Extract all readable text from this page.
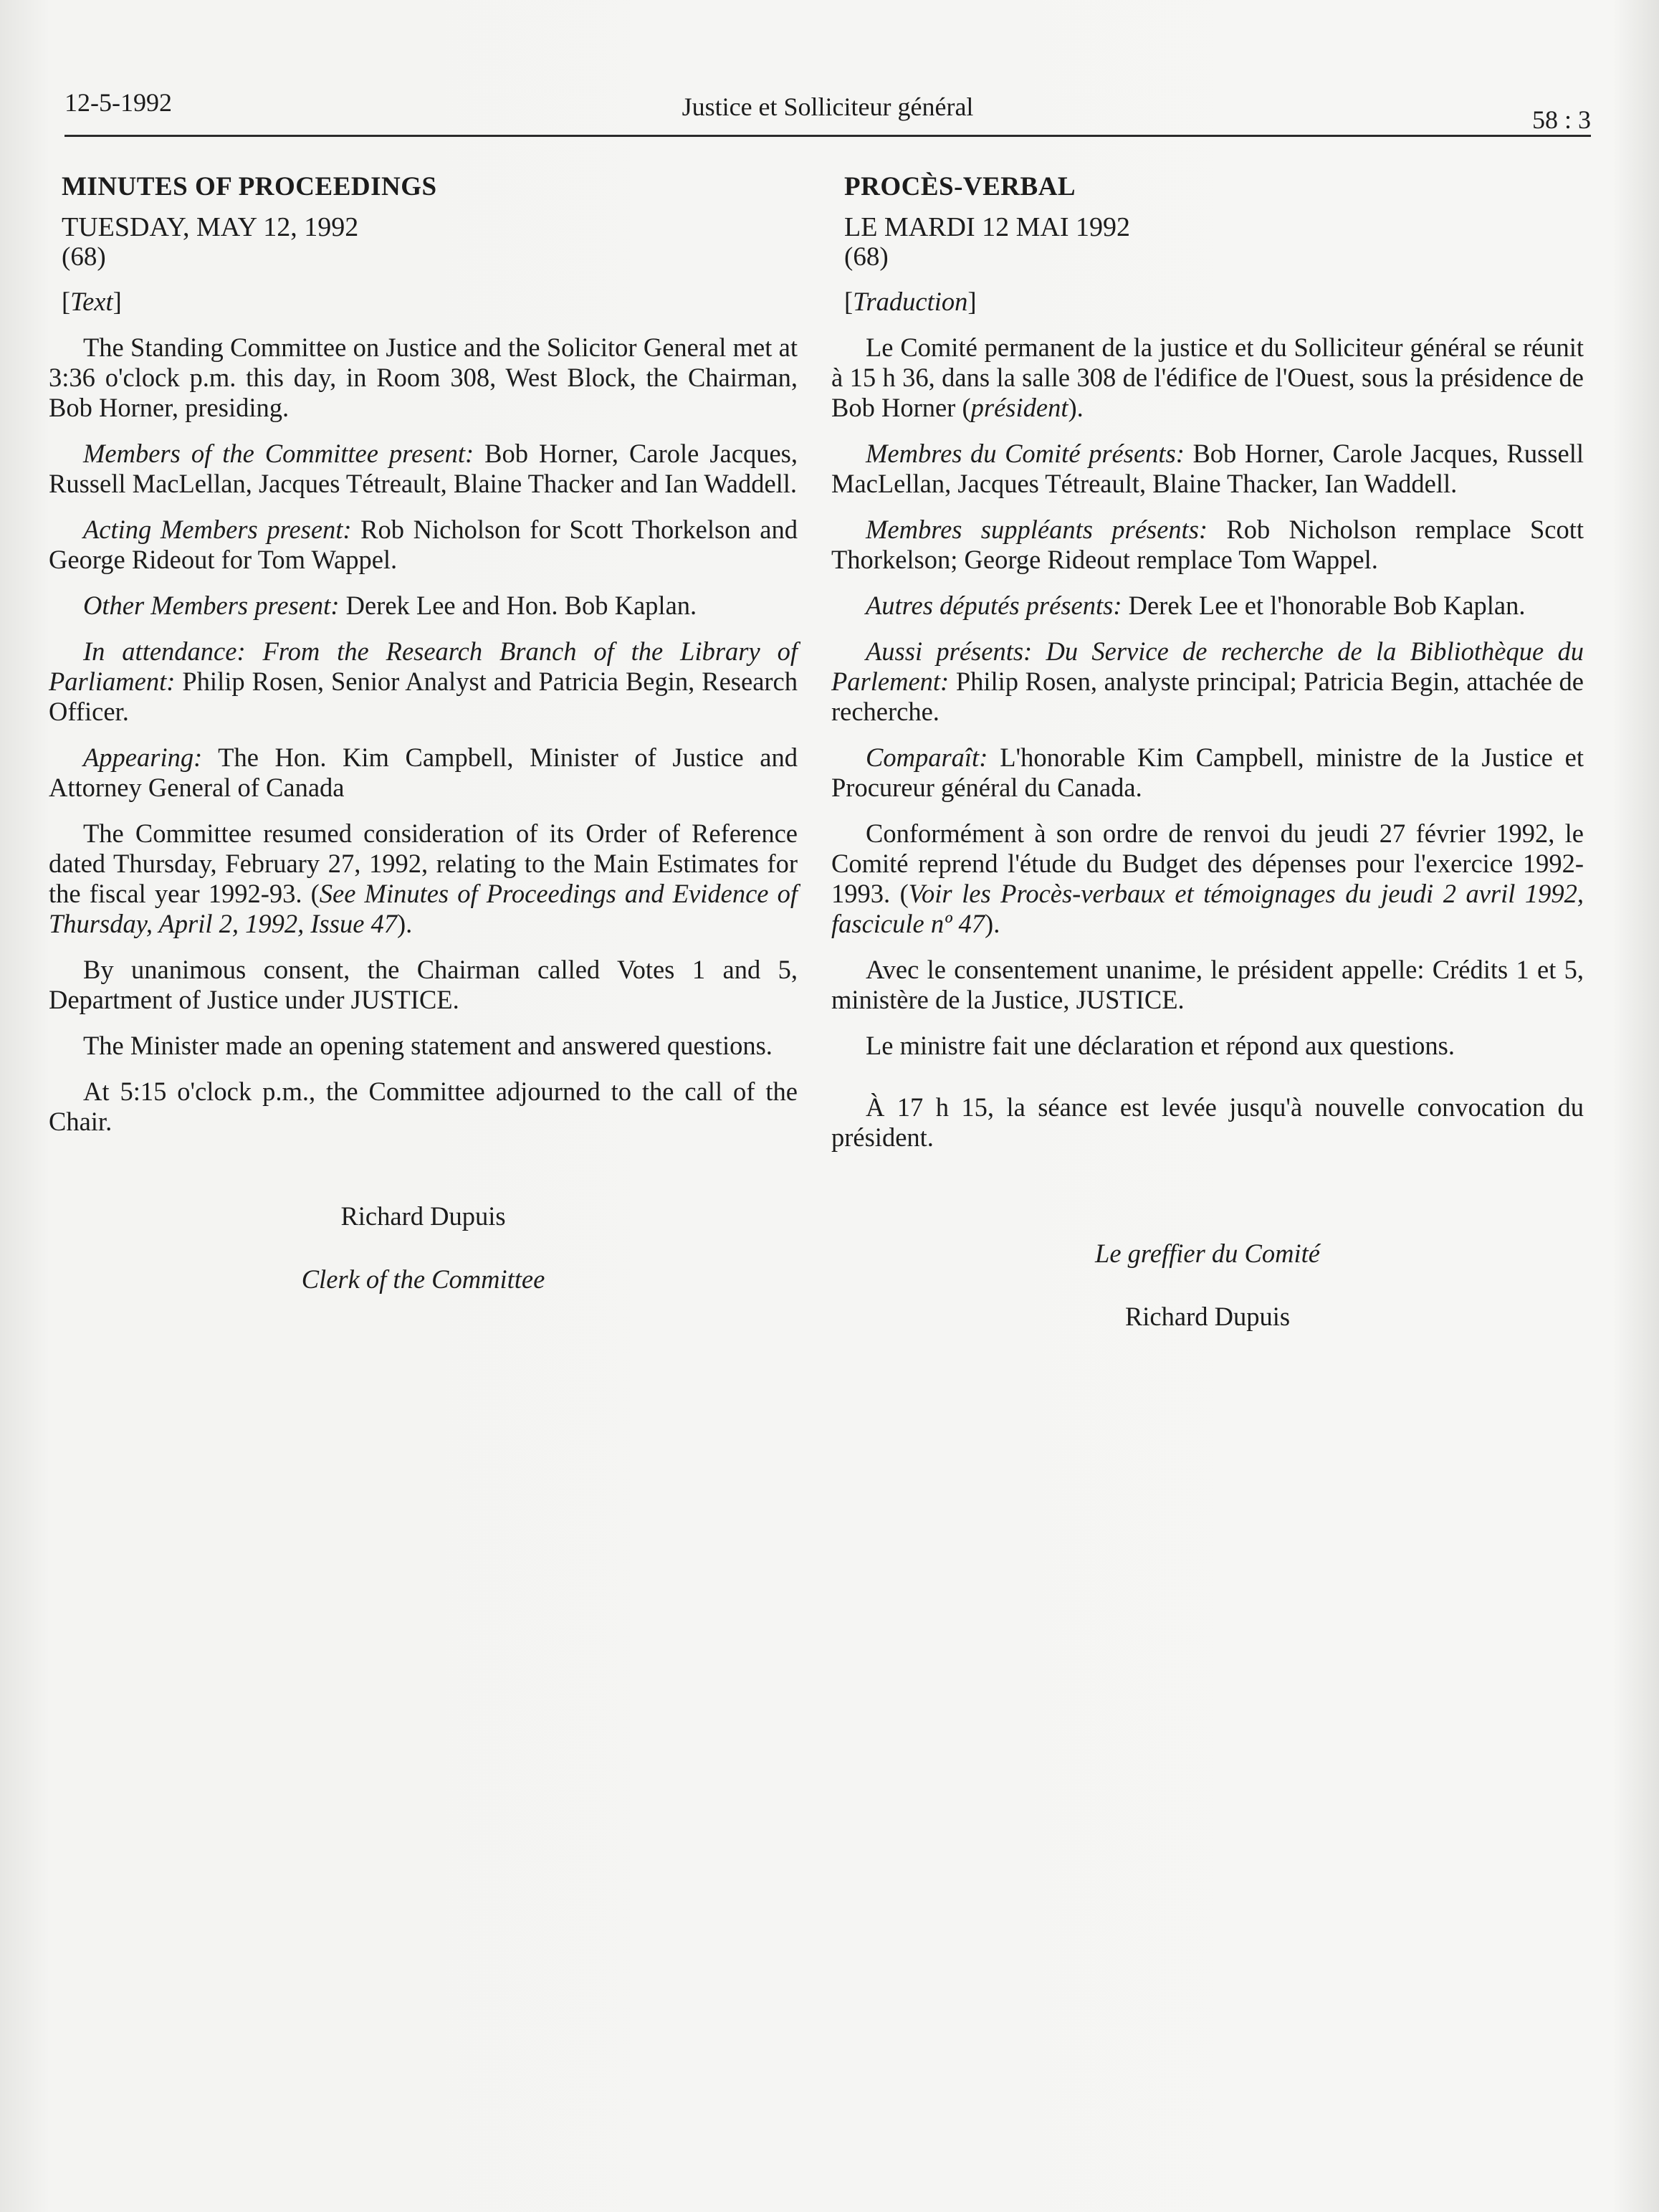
12-5-1992	Justice et Solliciteur général	58 : 3
MINUTES OF PROCEEDINGS
TUESDAY, MAY 12, 1992
(68)
[Text]

The Standing Committee on Justice and the Solicitor General met at 3:36 o'clock p.m. this day, in Room 308, West Block, the Chairman, Bob Horner, presiding.

Members of the Committee present: Bob Horner, Carole Jacques, Russell MacLellan, Jacques Tétreault, Blaine Thacker and Ian Waddell.

Acting Members present: Rob Nicholson for Scott Thorkelson and George Rideout for Tom Wappel.

Other Members present: Derek Lee and Hon. Bob Kaplan.

In attendance: From the Research Branch of the Library of Parliament: Philip Rosen, Senior Analyst and Patricia Begin, Research Officer.

Appearing: The Hon. Kim Campbell, Minister of Justice and Attorney General of Canada

The Committee resumed consideration of its Order of Reference dated Thursday, February 27, 1992, relating to the Main Estimates for the fiscal year 1992-93. (See Minutes of Proceedings and Evidence of Thursday, April 2, 1992, Issue 47).

By unanimous consent, the Chairman called Votes 1 and 5, Department of Justice under JUSTICE.

The Minister made an opening statement and answered questions.

At 5:15 o'clock p.m., the Committee adjourned to the call of the Chair.

Richard Dupuis
Clerk of the Committee
PROCÈS-VERBAL
LE MARDI 12 MAI 1992
(68)
[Traduction]

Le Comité permanent de la justice et du Solliciteur général se réunit à 15 h 36, dans la salle 308 de l'édifice de l'Ouest, sous la présidence de Bob Horner (président).

Membres du Comité présents: Bob Horner, Carole Jacques, Russell MacLellan, Jacques Tétreault, Blaine Thacker, Ian Waddell.

Membres suppléants présents: Rob Nicholson remplace Scott Thorkelson; George Rideout remplace Tom Wappel.

Autres députés présents: Derek Lee et l'honorable Bob Kaplan.

Aussi présents: Du Service de recherche de la Bibliothèque du Parlement: Philip Rosen, analyste principal; Patricia Begin, attachée de recherche.

Comparaît: L'honorable Kim Campbell, ministre de la Justice et Procureur général du Canada.

Conformément à son ordre de renvoi du jeudi 27 février 1992, le Comité reprend l'étude du Budget des dépenses pour l'exercice 1992-1993. (Voir les Procès-verbaux et témoignages du jeudi 2 avril 1992, fascicule nº 47).

Avec le consentement unanime, le président appelle: Crédits 1 et 5, ministère de la Justice, JUSTICE.

Le ministre fait une déclaration et répond aux questions.

À 17 h 15, la séance est levée jusqu'à nouvelle convocation du président.

Le greffier du Comité
Richard Dupuis
